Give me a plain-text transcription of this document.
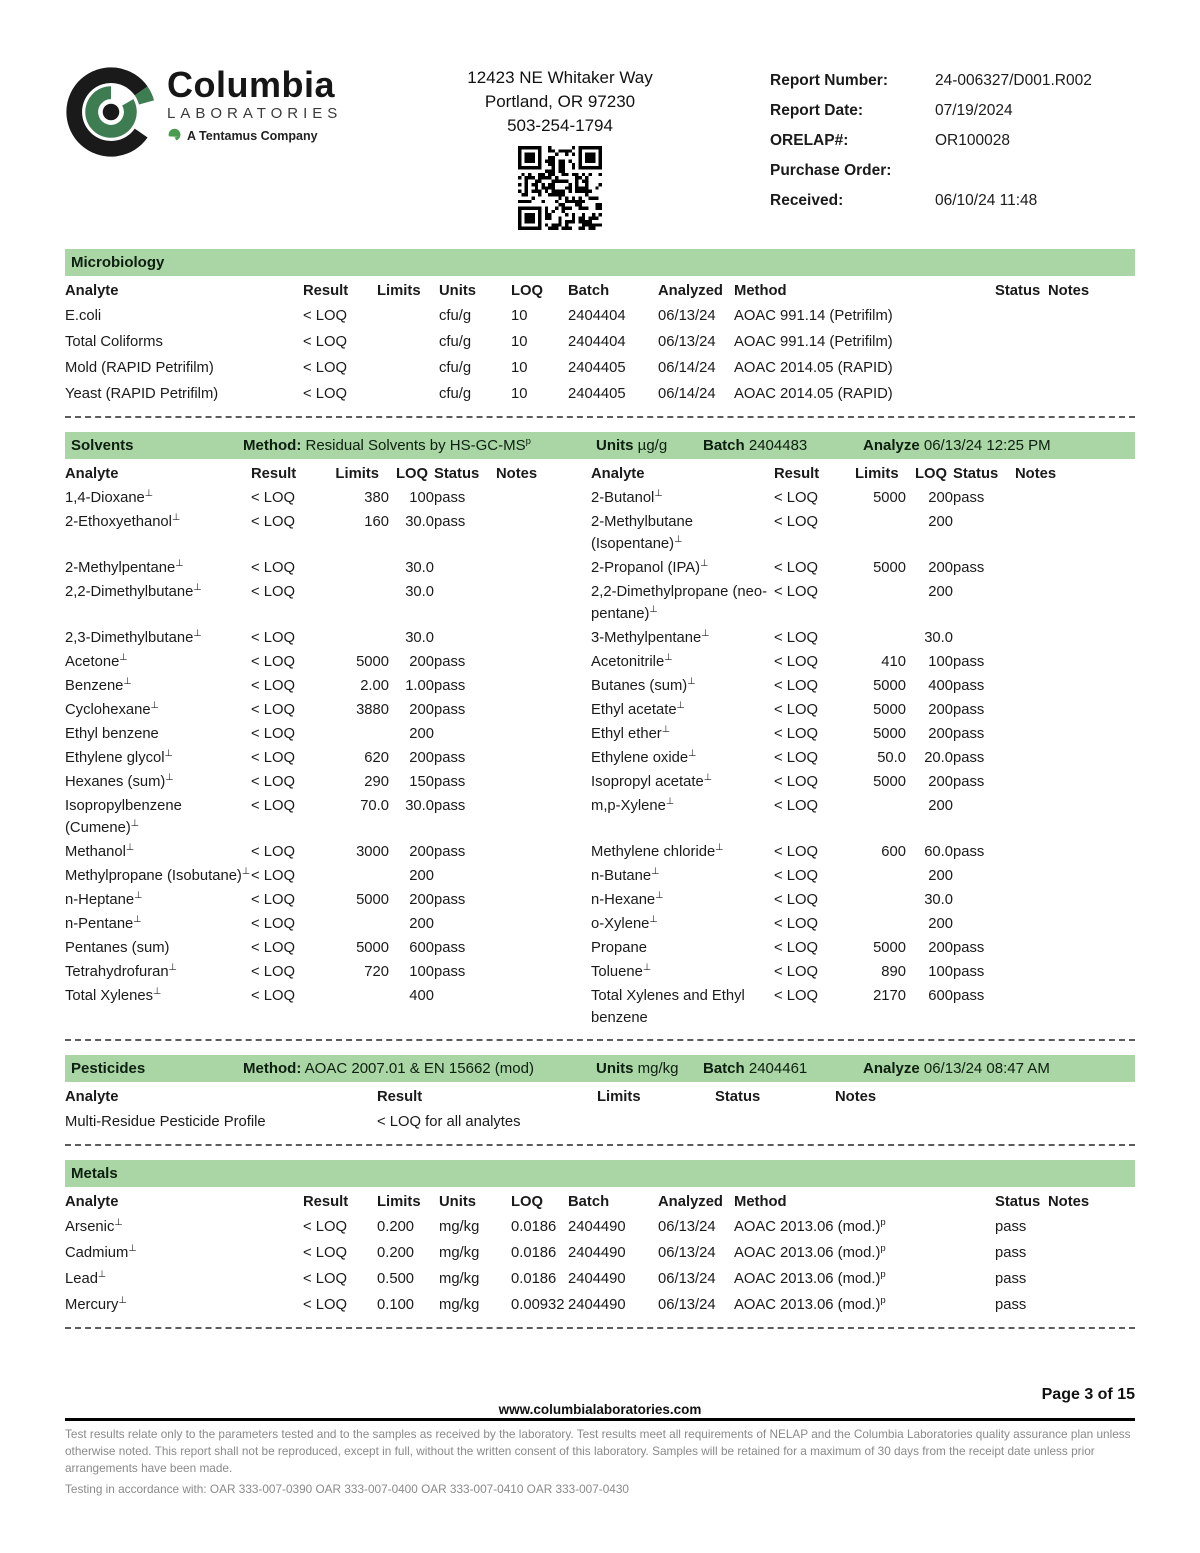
Columbia
LABORATORIES
A Tentamus Company
12423 NE Whitaker Way
Portland, OR 97230
503-254-1794
Report Number:	24-006327/D001.R002
Report Date:	07/19/2024
ORELAP#:	OR100028
Purchase Order:
Received:	06/10/24 11:48
Microbiology
Analyte	Result	Limits	Units	LOQ	Batch	Analyzed	Method	Status	Notes
E.coli	< LOQ		cfu/g	10	2404404	06/13/24	AOAC 991.14 (Petrifilm)		
Total Coliforms	< LOQ		cfu/g	10	2404404	06/13/24	AOAC 991.14 (Petrifilm)		
Mold (RAPID Petrifilm)	< LOQ		cfu/g	10	2404405	06/14/24	AOAC 2014.05 (RAPID)		
Yeast (RAPID Petrifilm)	< LOQ		cfu/g	10	2404405	06/14/24	AOAC 2014.05 (RAPID)		
Solvents	Method: Residual Solvents by $HS-GC-MS^p$	Units µg/g	Batch 2404483	Analyze 06/13/24 12:25 PM
Analyte	Result	Limits	LOQ	Status	Notes	Analyte	Result	Limits	LOQ	Status	Notes
1,4-Dioxane⊥	< LOQ	380	100	pass		2-Butanol⊥	< LOQ	5000	200	pass	
2-Ethoxyethanol⊥	< LOQ	160	30.0	pass		2-Methylbutane (Isopentane)⊥	< LOQ		200		
2-Methylpentane⊥	< LOQ		30.0			2-Propanol (IPA)⊥	< LOQ	5000	200	pass	
2,2-Dimethylbutane⊥	< LOQ		30.0			2,2-Dimethylpropane (neo-pentane)⊥	< LOQ		200		
2,3-Dimethylbutane⊥	< LOQ		30.0			3-Methylpentane⊥	< LOQ		30.0		
Acetone⊥	< LOQ	5000	200	pass		Acetonitrile⊥	< LOQ	410	100	pass	
Benzene⊥	< LOQ	2.00	1.00	pass		Butanes (sum)⊥	< LOQ	5000	400	pass	
Cyclohexane⊥	< LOQ	3880	200	pass		Ethyl acetate⊥	< LOQ	5000	200	pass	
Ethyl benzene	< LOQ		200			Ethyl ether⊥	< LOQ	5000	200	pass	
Ethylene glycol⊥	< LOQ	620	200	pass		Ethylene oxide⊥	< LOQ	50.0	20.0	pass	
Hexanes (sum)⊥	< LOQ	290	150	pass		Isopropyl acetate⊥	< LOQ	5000	200	pass	
Isopropylbenzene (Cumene)⊥	< LOQ	70.0	30.0	pass		m,p-Xylene⊥	< LOQ		200		
Methanol⊥	< LOQ	3000	200	pass		Methylene chloride⊥	< LOQ	600	60.0	pass	
Methylpropane (Isobutane)⊥	< LOQ		200			n-Butane⊥	< LOQ		200		
n-Heptane⊥	< LOQ	5000	200	pass		n-Hexane⊥	< LOQ		30.0		
n-Pentane⊥	< LOQ		200			o-Xylene⊥	< LOQ		200		
Pentanes (sum)	< LOQ	5000	600	pass		Propane	< LOQ	5000	200	pass	
Tetrahydrofuran⊥	< LOQ	720	100	pass		Toluene⊥	< LOQ	890	100	pass	
Total Xylenes⊥	< LOQ		400			Total Xylenes and Ethyl benzene	< LOQ	2170	600	pass	
Pesticides	Method: AOAC 2007.01 & EN 15662 (mod)	Units mg/kg	Batch 2404461	Analyze 06/13/24 08:47 AM
Analyte	Result	Limits	Status	Notes
Multi-Residue Pesticide Profile	< LOQ for all analytes			
Metals
Analyte	Result	Limits	Units	LOQ	Batch	Analyzed	Method	Status	Notes
Arsenic⊥	< LOQ	0.200	mg/kg	0.0186	2404490	06/13/24	AOAC 2013.06 $(mod.)^p$	pass	
Cadmium⊥	< LOQ	0.200	mg/kg	0.0186	2404490	06/13/24	AOAC 2013.06 $(mod.)^p$	pass	
Lead⊥	< LOQ	0.500	mg/kg	0.0186	2404490	06/13/24	AOAC 2013.06 $(mod.)^p$	pass	
Mercury⊥	< LOQ	0.100	mg/kg	0.00932	2404490	06/13/24	AOAC 2013.06 $(mod.)^p$	pass	
Page 3 of 15
www.columbialaboratories.com
Test results relate only to the parameters tested and to the samples as received by the laboratory. Test results meet all requirements of NELAP and the Columbia Laboratories quality assurance plan unless otherwise noted. This report shall not be reproduced, except in full, without the written consent of this laboratory. Samples will be retained for a maximum of 30 days from the receipt date unless prior arrangements have been made.
Testing in accordance with: OAR 333-007-0390 OAR 333-007-0400 OAR 333-007-0410 OAR 333-007-0430
